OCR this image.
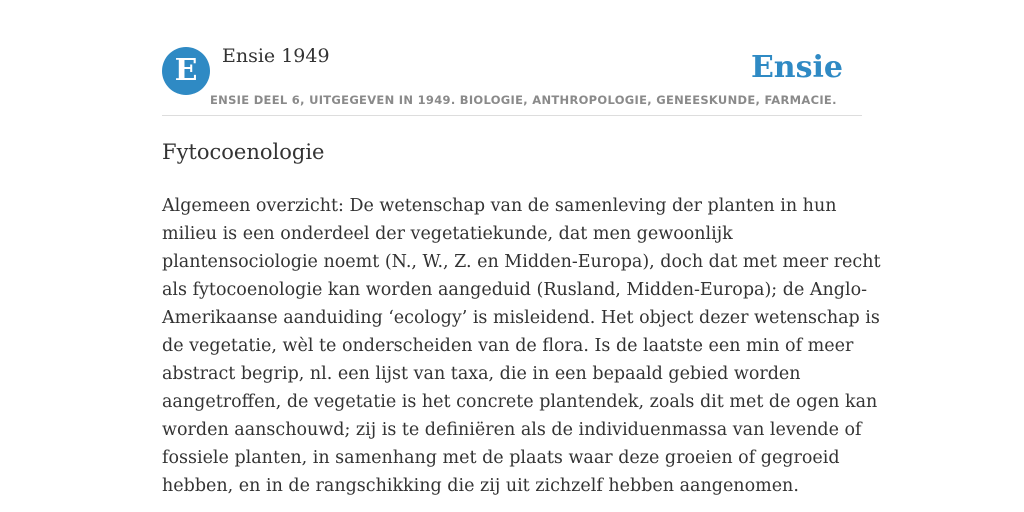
E	Ensie 1949	Ensie
ENSIE DEEL 6, UITGEGEVEN IN 1949. BIOLOGIE, ANTHROPOLOGIE, GENEESKUNDE, FARMACIE.
Fytocoenologie

Algemeen overzicht: De wetenschap van de samenleving der planten in hun
milieu is een onderdeel der vegetatiekunde, dat men gewoonlijk
plantensociologie noemt (N., W., Z. en Midden-Europa), doch dat met meer recht
als fytocoenologie kan worden aangeduid (Rusland, Midden-Europa); de Anglo-
Amerikaanse aanduiding ‘ecology’ is misleidend. Het object dezer wetenschap is
de vegetatie, wèl te onderscheiden van de flora. Is de laatste een min of meer
abstract begrip, nl. een lijst van taxa, die in een bepaald gebied worden
aangetroffen, de vegetatie is het concrete plantendek, zoals dit met de ogen kan
worden aanschouwd; zij is te definiëren als de individuenmassa van levende of
fossiele planten, in samenhang met de plaats waar deze groeien of gegroeid
hebben, en in de rangschikking die zij uit zichzelf hebben aangenomen.
